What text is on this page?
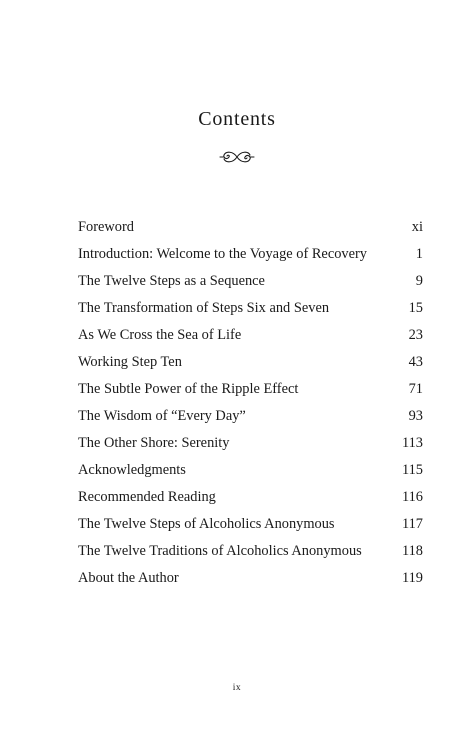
Contents
Foreword	xi
Introduction: Welcome to the Voyage of Recovery	1
The Twelve Steps as a Sequence	9
The Transformation of Steps Six and Seven	15
As We Cross the Sea of Life	23
Working Step Ten	43
The Subtle Power of the Ripple Effect	71
The Wisdom of “Every Day”	93
The Other Shore: Serenity	113
Acknowledgments	115
Recommended Reading	116
The Twelve Steps of Alcoholics Anonymous	117
The Twelve Traditions of Alcoholics Anonymous	118
About the Author	119
ix
